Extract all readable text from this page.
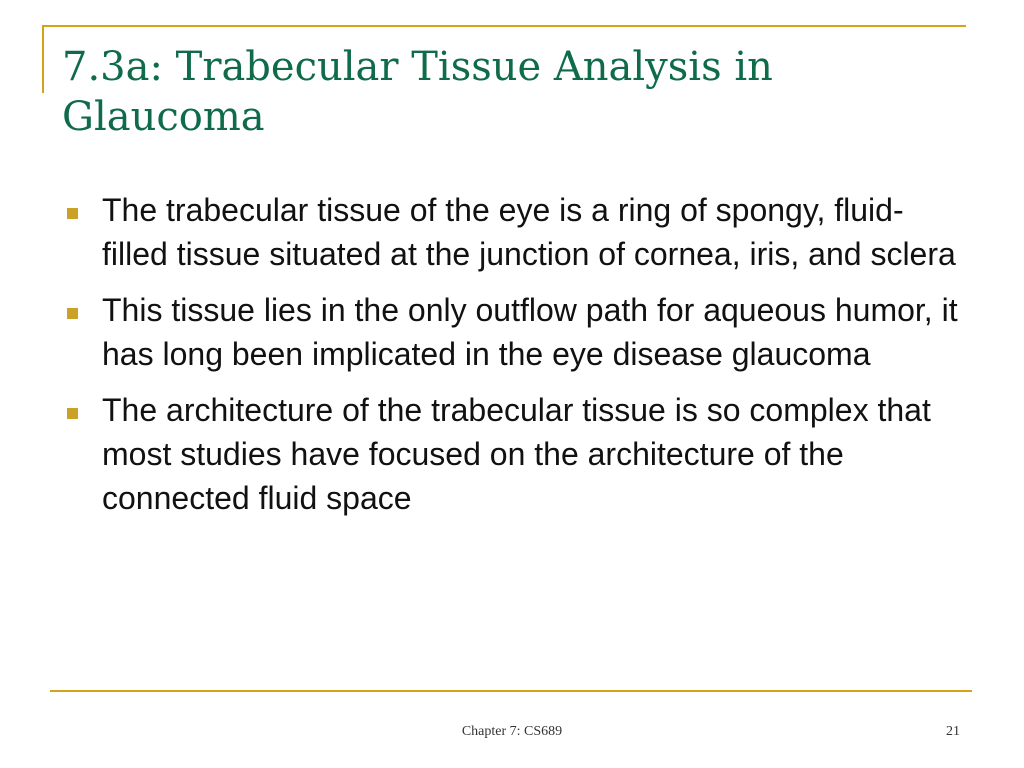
7.3a: Trabecular Tissue Analysis in Glaucoma
The trabecular tissue of the eye is a ring of spongy, fluid-filled tissue situated at the junction of cornea, iris, and sclera
This tissue lies in the only outflow path for aqueous humor, it has long been implicated in the eye disease glaucoma
The architecture of the trabecular tissue is so complex that most studies have focused on the architecture of the connected fluid space
Chapter 7: CS689	21
